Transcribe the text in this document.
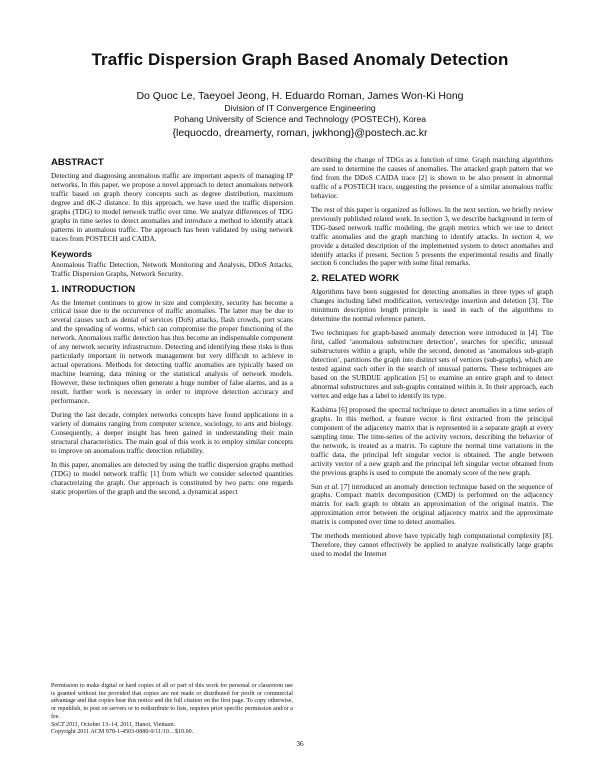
Traffic Dispersion Graph Based Anomaly Detection
Do Quoc Le, Taeyoel Jeong, H. Eduardo Roman, James Won-Ki Hong
Division of IT Convergence Engineering
Pohang University of Science and Technology (POSTECH), Korea
{lequocdo, dreamerty, roman, jwkhong}@postech.ac.kr
ABSTRACT

Detecting and diagnosing anomalous traffic are important aspects of managing IP networks. In this paper, we propose a novel approach to detect anomalous network traffic based on graph theory concepts such as degree distribution, maximum degree and dK-2 distance. In this approach, we have used the traffic dispersion graphs (TDG) to model network traffic over time. We analyze differences of TDG graphs in time series to detect anomalies and introduce a method to identify attack patterns in anomalous traffic. The approach has been validated by using network traces from POSTECH and CAIDA.

Keywords

Anomalous Traffic Detection, Network Monitoring and Analysis, DDoS Attacks, Traffic Dispersion Graphs, Network Security.

1. INTRODUCTION

As the Internet continues to grow in size and complexity, security has become a critical issue due to the occurrence of traffic anomalies. The latter may be due to several causes such as denial of services (DoS) attacks, flash crowds, port scans and the spreading of worms, which can compromise the proper functioning of the network. Anomalous traffic detection has thus become an indispensable component of any network security infrastructure. Detecting and identifying these risks is thus particularly important in network management but very difficult to achieve in actual operations. Methods for detecting traffic anomalies are typically based on machine learning, data mining or the statistical analysis of network models. However, these techniques often generate a huge number of false alarms, and as a result, further work is necessary in order to improve detection accuracy and performance.

During the last decade, complex networks concepts have found applications in a variety of domains ranging from computer science, sociology, to arts and biology. Consequently, a deeper insight has been gained in understanding their main structural characteristics. The main goal of this work is to employ similar concepts to improve on anomalous traffic detection reliability.

In this paper, anomalies are detected by using the traffic dispersion graphs method (TDG) to model network traffic [1] from which we consider selected quantities characterizing the graph. Our approach is constituted by two parts: one regards static properties of the graph and the second, a dynamical aspect

Permission to make digital or hard copies of all or part of this work for personal or classroom use is granted without fee provided that copies are not made or distributed for profit or commercial advantage and that copies bear this notice and the full citation on the first page. To copy otherwise, or republish, to post on servers or to redistribute to lists, requires prior specific permission and/or a fee.
SoCT 2011, October 13–14, 2011, Hanoi, Vietnam.
Copyright 2011 ACM 978-1-4503-0880-9/11/10…$10.00.

describing the change of TDGs as a function of time. Graph matching algorithms are used to determine the causes of anomalies. The attacked graph pattern that we find from the DDoS CAIDA trace [2] is shown to be also present in abnormal traffic of a POSTECH trace, suggesting the presence of a similar anomalous traffic behavior.

The rest of this paper is organized as follows. In the next section, we briefly review previously published related work. In section 3, we describe background in term of TDG-based network traffic modeling, the graph metrics which we use to detect traffic anomalies and the graph matching to identify attacks. In section 4, we provide a detailed description of the implemented system to detect anomalies and identify attacks if present. Section 5 presents the experimental results and finally section 6 concludes the paper with some final remarks.

2. RELATED WORK

Algorithms have been suggested for detecting anomalies in three types of graph changes including label modification, vertex/edge insertion and deletion [3]. The minimum description length principle is used in each of the algorithms to determine the normal reference pattern.

Two techniques for graph-based anomaly detection were introduced in [4]. The first, called ‘anomalous substructure detection’, searches for specific, unusual substructures within a graph, while the second, denoted as ‘anomalous sub-graph detection’, partitions the graph into distinct sets of vertices (sub-graphs), which are tested against each other in the search of unusual patterns. These techniques are based on the SUBDUE application [5] to examine an entire graph and to detect abnormal substructures and sub-graphs contained within it. In their approach, each vertex and edge has a label to identify its type.

Kashima [6] proposed the spectral technique to detect anomalies in a time series of graphs. In this method, a feature vector is first extracted from the principal component of the adjacency matrix that is represented in a separate graph at every sampling time. The time-series of the activity vectors, describing the behavior of the network, is treated as a matrix. To capture the normal time variations in the traffic data, the principal left singular vector is obtained. The angle between activity vector of a new graph and the principal left singular vector obtained from the previous graphs is used to compute the anomaly score of the new graph.

Sun et al. [7] introduced an anomaly detection technique based on the sequence of graphs. Compact matrix decomposition (CMD) is performed on the adjacency matrix for each graph to obtain an approximation of the original matrix. The approximation error between the original adjacency matrix and the approximate matrix is computed over time to detect anomalies.

The methods mentioned above have typically high computational complexity [8]. Therefore, they cannot effectively be applied to analyze realistically large graphs used to model the Internet

36
